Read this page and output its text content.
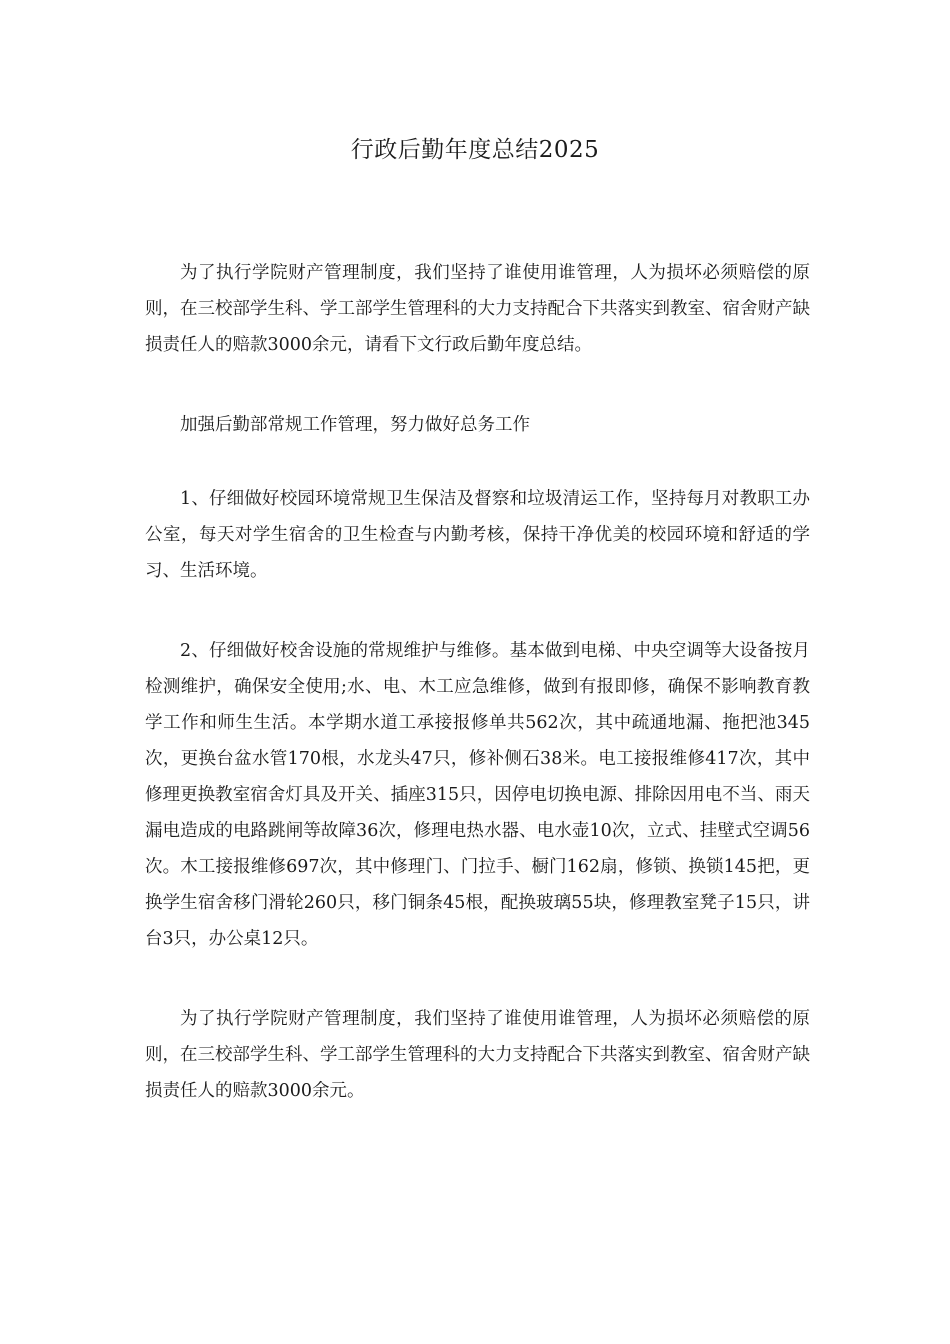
行政后勤年度总结2025

为了执行学院财产管理制度，我们坚持了谁使用谁管理，人为损坏必须赔偿的原则，在三校部学生科、学工部学生管理科的大力支持配合下共落实到教室、宿舍财产缺损责任人的赔款3000余元，请看下文行政后勤年度总结。

加强后勤部常规工作管理，努力做好总务工作

1、仔细做好校园环境常规卫生保洁及督察和垃圾清运工作，坚持每月对教职工办公室，每天对学生宿舍的卫生检查与内勤考核，保持干净优美的校园环境和舒适的学习、生活环境。

2、仔细做好校舍设施的常规维护与维修。基本做到电梯、中央空调等大设备按月检测维护，确保安全使用;水、电、木工应急维修，做到有报即修，确保不影响教育教学工作和师生生活。本学期水道工承接报修单共562次，其中疏通地漏、拖把池345次，更换台盆水管170根，水龙头47只，修补侧石38米。电工接报维修417次，其中修理更换教室宿舍灯具及开关、插座315只，因停电切换电源、排除因用电不当、雨天漏电造成的电路跳闸等故障36次，修理电热水器、电水壶10次，立式、挂壁式空调56次。木工接报维修697次，其中修理门、门拉手、橱门162扇，修锁、换锁145把，更换学生宿舍移门滑轮260只，移门铜条45根，配换玻璃55块，修理教室凳子15只，讲台3只，办公桌12只。

为了执行学院财产管理制度，我们坚持了谁使用谁管理，人为损坏必须赔偿的原则，在三校部学生科、学工部学生管理科的大力支持配合下共落实到教室、宿舍财产缺损责任人的赔款3000余元。
